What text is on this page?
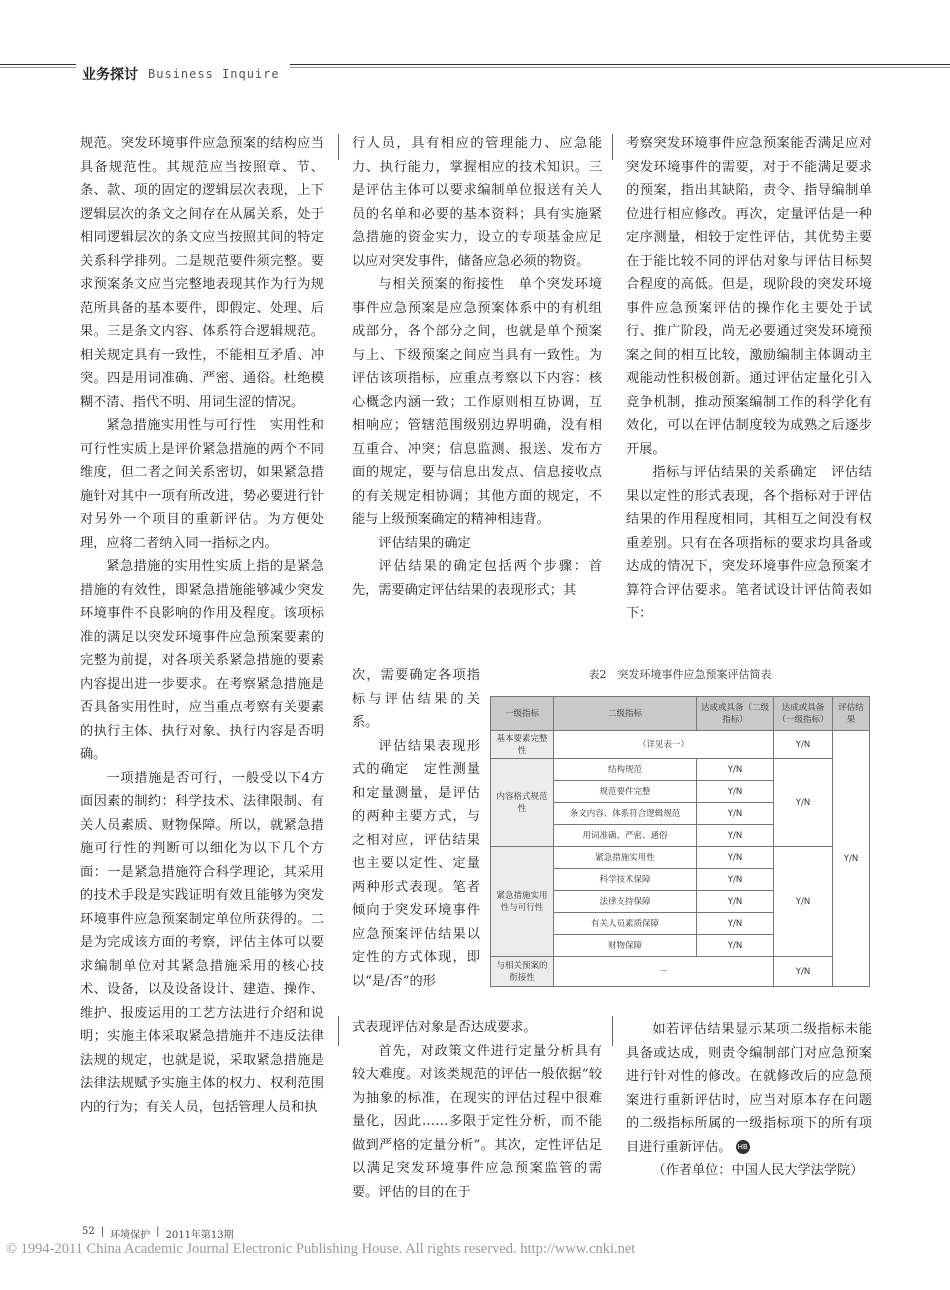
业务探讨 Business Inquire

规范。突发环境事件应急预案的结构应当具备规范性。其规范应当按照章、节、条、款、项的固定的逻辑层次表现，上下逻辑层次的条文之间存在从属关系，处于相同逻辑层次的条文应当按照其间的特定关系科学排列。二是规范要件须完整。要求预案条文应当完整地表现其作为行为规范所具备的基本要件，即假定、处理、后果。三是条文内容、体系符合逻辑规范。相关规定具有一致性，不能相互矛盾、冲突。四是用词准确、严密、通俗。杜绝模糊不清、指代不明、用词生涩的情况。

紧急措施实用性与可行性　实用性和可行性实质上是评价紧急措施的两个不同维度，但二者之间关系密切，如果紧急措施针对其中一项有所改进，势必要进行针对另外一个项目的重新评估。为方便处理，应将二者纳入同一指标之内。

紧急措施的实用性实质上指的是紧急措施的有效性，即紧急措施能够减少突发环境事件不良影响的作用及程度。该项标准的满足以突发环境事件应急预案要素的完整为前提，对各项关系紧急措施的要素内容提出进一步要求。在考察紧急措施是否具备实用性时，应当重点考察有关要素的执行主体、执行对象、执行内容是否明确。

一项措施是否可行，一般受以下4方面因素的制约：科学技术、法律限制、有关人员素质、财物保障。所以，就紧急措施可行性的判断可以细化为以下几个方面：一是紧急措施符合科学理论，其采用的技术手段是实践证明有效且能够为突发环境事件应急预案制定单位所获得的。二是为完成该方面的考察，评估主体可以要求编制单位对其紧急措施采用的核心技术、设备，以及设备设计、建造、操作、维护、报废运用的工艺方法进行介绍和说明；实施主体采取紧急措施并不违反法律法规的规定，也就是说，采取紧急措施是法律法规赋予实施主体的权力、权利范围内的行为；有关人员，包括管理人员和执

行人员，具有相应的管理能力、应急能力、执行能力，掌握相应的技术知识。三是评估主体可以要求编制单位报送有关人员的名单和必要的基本资料；具有实施紧急措施的资金实力，设立的专项基金应足以应对突发事件，储备应急必须的物资。

与相关预案的衔接性　单个突发环境事件应急预案是应急预案体系中的有机组成部分，各个部分之间，也就是单个预案与上、下级预案之间应当具有一致性。为评估该项指标，应重点考察以下内容：核心概念内涵一致；工作原则相互协调，互相响应；管辖范围级别边界明确，没有相互重合、冲突；信息监测、报送、发布方面的规定，要与信息出发点、信息接收点的有关规定相协调；其他方面的规定，不能与上级预案确定的精神相违背。

评估结果的确定

评估结果的确定包括两个步骤：首先，需要确定评估结果的表现形式；其

次，需要确定各项指标与评估结果的关系。

评估结果表现形式的确定　定性测量和定量测量，是评估的两种主要方式，与之相对应，评估结果也主要以定性、定量两种形式表现。笔者倾向于突发环境事件应急预案评估结果以定性的方式体现，即以“是/否”的形

式表现评估对象是否达成要求。

首先，对政策文件进行定量分析具有较大难度。对该类规范的评估一般依据“较为抽象的标准，在现实的评估过程中很难量化，因此……多限于定性分析，而不能做到严格的定量分析”。其次，定性评估足以满足突发环境事件应急预案监管的需要。评估的目的在于

考察突发环境事件应急预案能否满足应对突发环境事件的需要，对于不能满足要求的预案，指出其缺陷，责令、指导编制单位进行相应修改。再次，定量评估是一种定序测量，相较于定性评估，其优势主要在于能比较不同的评估对象与评估目标契合程度的高低。但是，现阶段的突发环境事件应急预案评估的操作化主要处于试行、推广阶段，尚无必要通过突发环境预案之间的相互比较，激励编制主体调动主观能动性积极创新。通过评估定量化引入竞争机制，推动预案编制工作的科学化有效化，可以在评估制度较为成熟之后逐步开展。

指标与评估结果的关系确定　评估结果以定性的形式表现，各个指标对于评估结果的作用程度相同，其相互之间没有权重差别。只有在各项指标的要求均具备或达成的情况下，突发环境事件应急预案才算符合评估要求。笔者试设计评估简表如下：

如若评估结果显示某项二级指标未能具备或达成，则责令编制部门对应急预案进行针对性的修改。在就修改后的应急预案进行重新评估时，应当对原本存在问题的二级指标所属的一级指标项下的所有项目进行重新评估。 HB

（作者单位：中国人民大学法学院）

表2　突发环境事件应急预案评估简表
一级指标	二级指标	达成或具备（二级指标）	达成或具备（一级指标）	评估结果
基本要素完整性	（详见表一）		Y/N	Y/N
内容格式规范性	结构规范	Y/N	Y/N	
	规范要件完整	Y/N		
	条文内容、体系符合逻辑规范	Y/N		
	用词准确、严密、通俗	Y/N		
紧急措施实用性与可行性	紧急措施实用性	Y/N	Y/N	
	科学技术保障	Y/N		
	法律支持保障	Y/N		
	有关人员素质保障	Y/N		
	财物保障	Y/N		
与相关预案的衔接性	－		Y/N	
52 | 环境保护 | 2011年第13期
© 1994-2011 China Academic Journal Electronic Publishing House. All rights reserved. http://www.cnki.net
